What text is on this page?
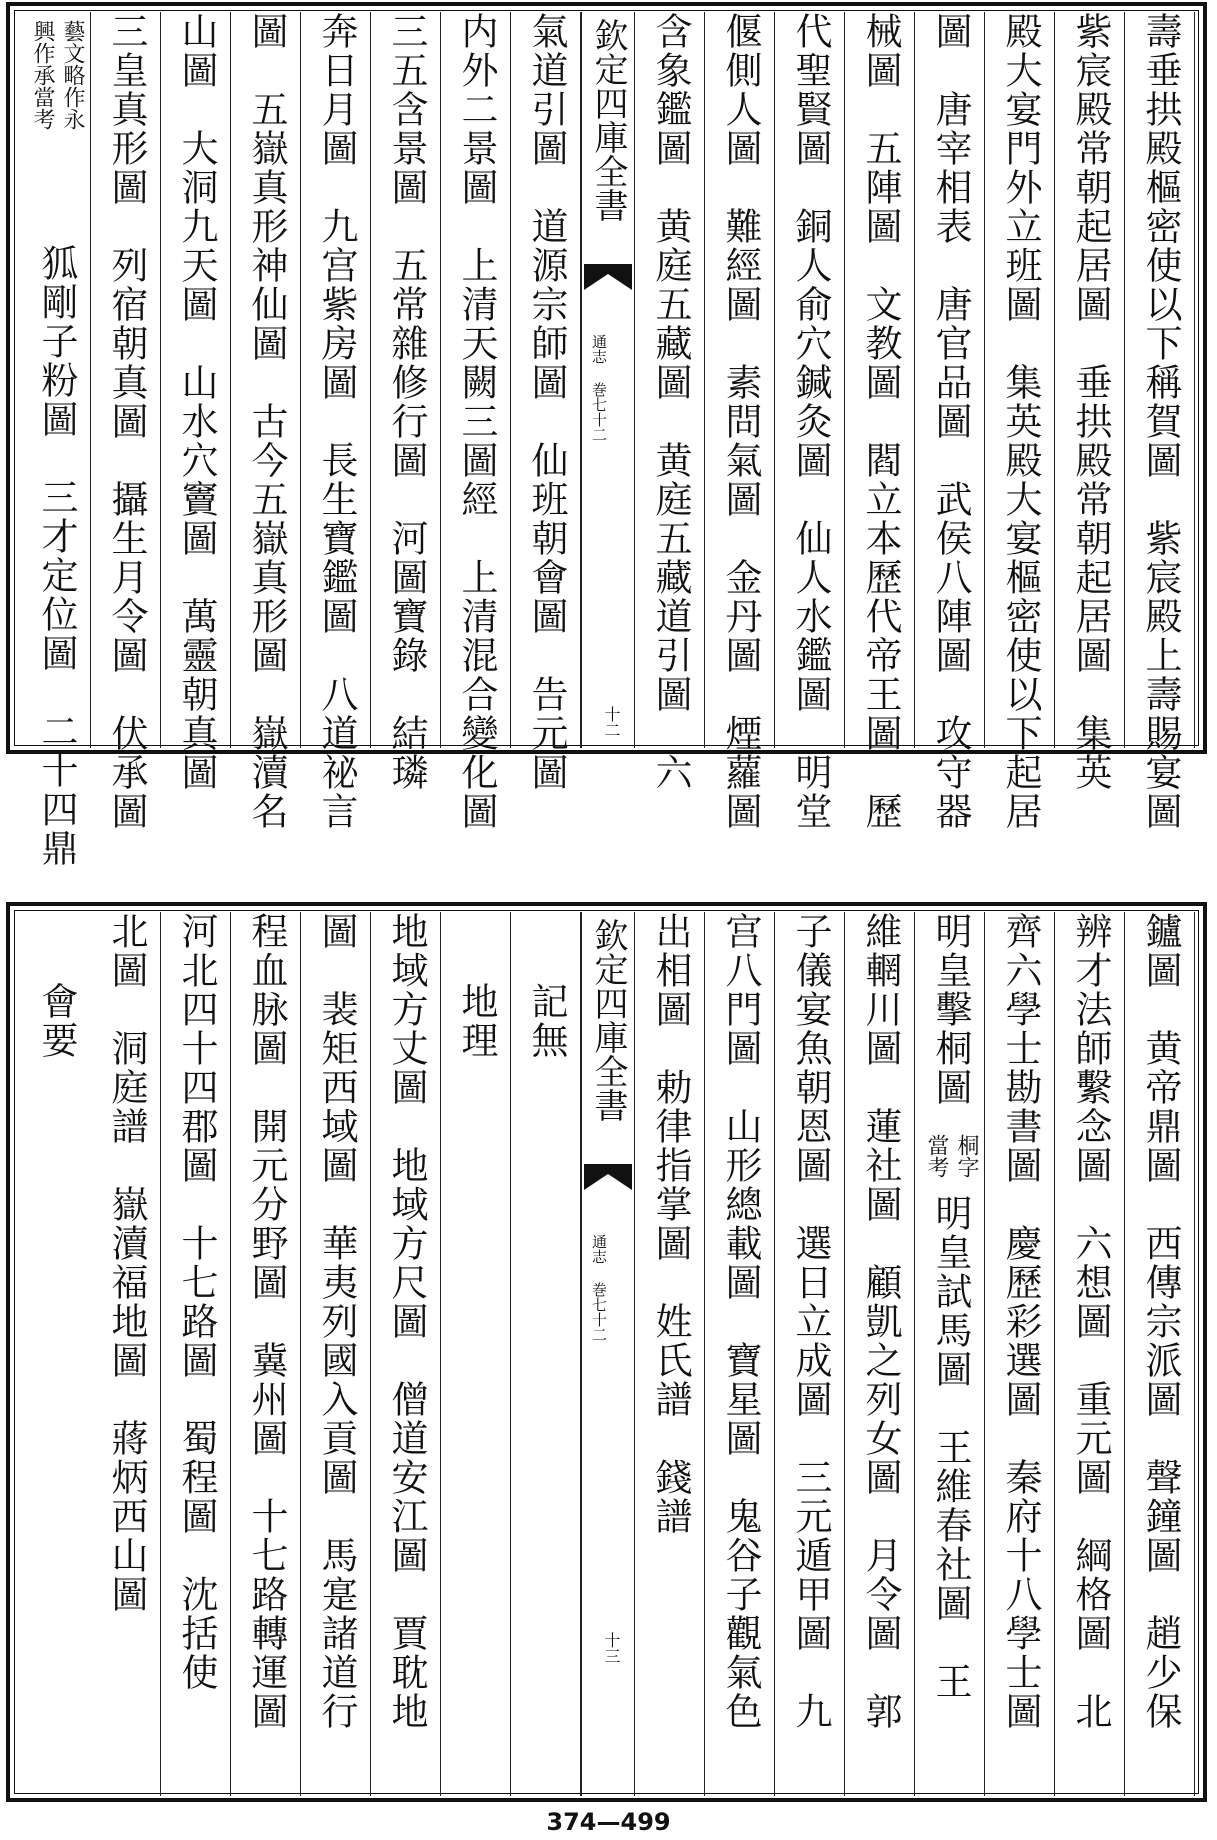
壽垂拱殿樞密使以下稱賀圖　紫宸殿上壽賜宴圖
紫宸殿常朝起居圖　垂拱殿常朝起居圖　集英
殿大宴門外立班圖　集英殿大宴樞密使以下起居
圖　唐宰相表　唐官品圖　武侯八陣圖　攻守器
械圖　五陣圖　文教圖　閻立本歷代帝王圖　歷
代聖賢圖　銅人俞穴鍼灸圖　仙人水鑑圖　明堂
偃側人圖　難經圖　素問氣圖　金丹圖　煙蘿圖
含象鑑圖　黄庭五藏圖　黄庭五藏道引圖　六
欽定四庫全書
通志 巻七十二
十二
氣道引圖　道源宗師圖　仙班朝會圖　告元圖
内外二景圖　上清天闕三圖經　上清混合變化圖
三五含景圖　五常雜修行圖　河圖寶錄　結璘
奔日月圖　九宫紫房圖　長生寶鑑圖　八道祕言
圖　五嶽真形神仙圖　古今五嶽真形圖　嶽瀆名
山圖　大洞九天圖　山水穴竇圖　萬靈朝真圖
三皇真形圖　列宿朝真圖　攝生月令圖　伏承圖
藝文略作永
興作承當考
狐剛子粉圖　三才定位圖　二十四鼎
鑪圖　黄帝鼎圖　西傳宗派圖　聲鐘圖　趙少保
辨才法師繫念圖　六想圖　重元圖　綱格圖　北
齊六學士勘書圖　慶歷彩選圖　秦府十八學士圖
明皇擊桐圖
桐字
當考
明皇試馬圖　王維春社圖　王
維輞川圖　蓮社圖　顧凱之列女圖　月令圖　郭
子儀宴魚朝恩圖　選日立成圖　三元遁甲圖　九
宫八門圖　山形總載圖　寶星圖　鬼谷子觀氣色
出相圖　勅律指掌圖　姓氏譜　錢譜
欽定四庫全書
通志 巻七十二
十三
記無
地理
地域方丈圖　地域方尺圖　僧道安江圖　賈耽地
圖　裴矩西域圖　華夷列國入貢圖　馬寔諸道行
程血脉圖　開元分野圖　冀州圖　十七路轉運圖
河北四十四郡圖　十七路圖　蜀程圖　沈括使
北圖　洞庭譜　嶽瀆福地圖　蔣炳西山圖
會要
374—499
